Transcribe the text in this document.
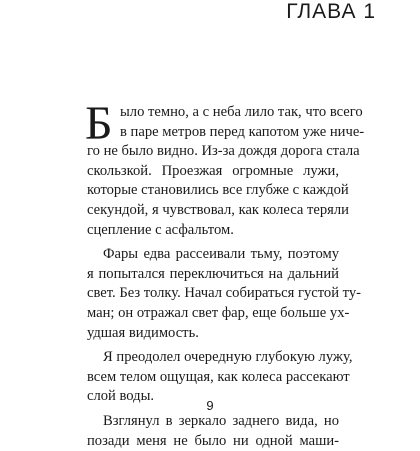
ГЛАВА 1
Б ыло темно, а с неба лило так, что всего
в паре метров перед капотом уже ниче-
го не было видно. Из-за дождя дорога стала
скользкой. Проезжая огромные лужи,
которые становились все глубже с каждой
секундой, я чувствовал, как колеса теряли
сцепление с асфальтом.
Фары едва рассеивали тьму, поэтому
я попытался переключиться на дальний
свет. Без толку. Начал собираться густой ту-
ман; он отражал свет фар, еще больше ух-
удшая видимость.
Я преодолел очередную глубокую лужу,
всем телом ощущая, как колеса рассекают
слой воды.
Взглянул в зеркало заднего вида, но
позади меня не было ни одной маши-
9
